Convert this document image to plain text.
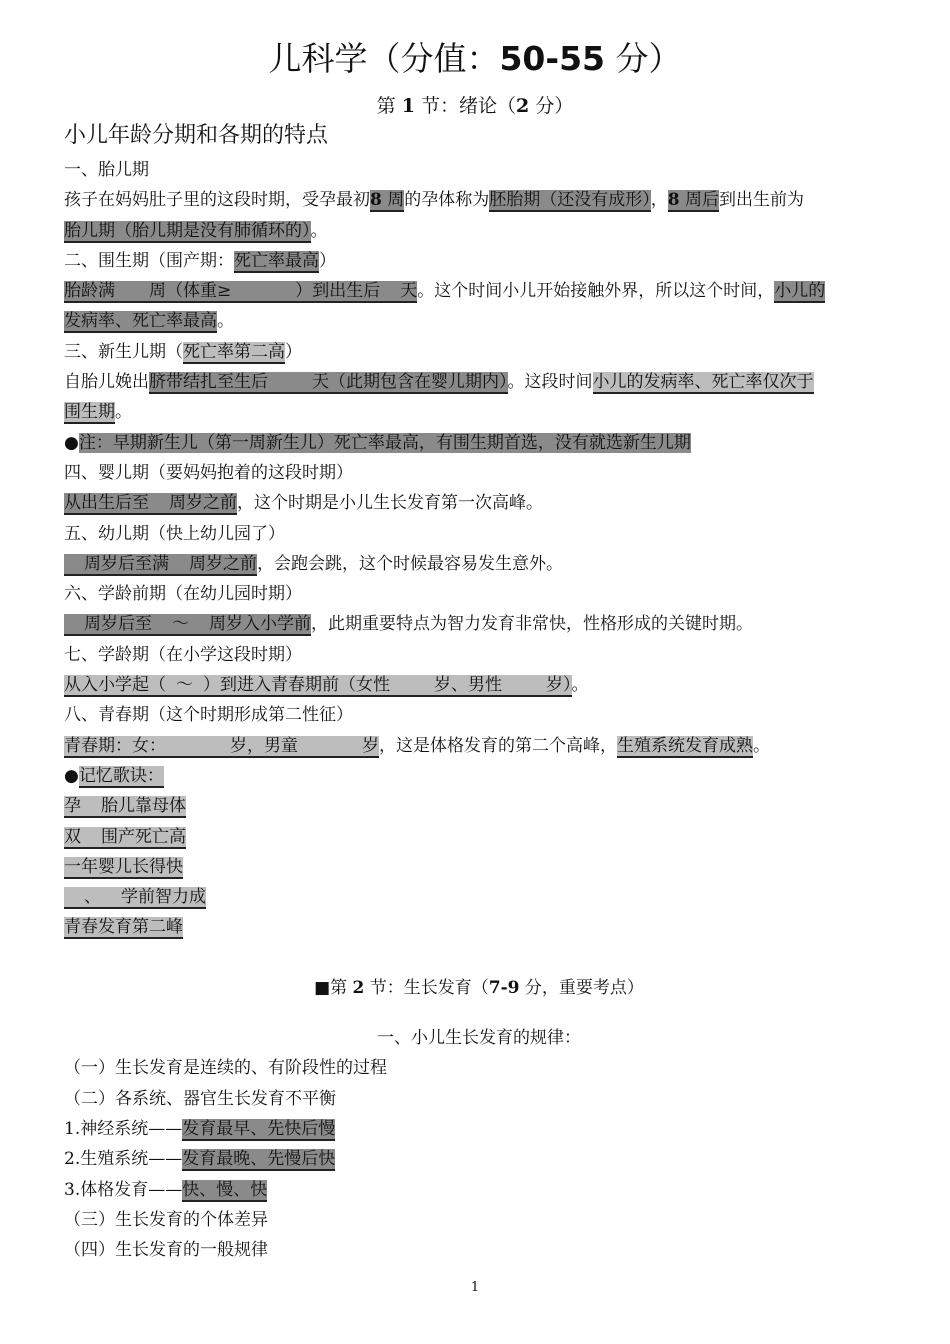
儿科学（分值：50-55 分）
第 1 节：绪论（2 分）
小儿年龄分期和各期的特点
一、胎儿期
孩子在妈妈肚子里的这段时期，受孕最初8 周的孕体称为胚胎期（还没有成形），8 周后到出生前为
胎儿期（胎儿期是没有肺循环的）。
二、围生期（围产期：死亡率最高）
胎龄满 周（体重≥	）到出生后 天。这个时间小儿开始接触外界，所以这个时间，小儿的
发病率、死亡率最高。
三、新生儿期（死亡率第二高）
自胎儿娩出脐带结扎至生后	天（此期包含在婴儿期内）。这段时间小儿的发病率、死亡率仅次于
围生期。
●注：早期新生儿（第一周新生儿）死亡率最高，有围生期首选，没有就选新生儿期
四、婴儿期（要妈妈抱着的这段时期）
从出生后至 周岁之前，这个时期是小儿生长发育第一次高峰。
五、幼儿期（快上幼儿园了）
周岁后至满 周岁之前，会跑会跳，这个时候最容易发生意外。
六、学龄前期（在幼儿园时期）
周岁后至 ～ 周岁入小学前，此期重要特点为智力发育非常快，性格形成的关键时期。
七、学龄期（在小学这段时期）
从入小学起（ ～ ）到进入青春期前（女性	岁、男性	岁）。
八、青春期（这个时期形成第二性征）
青春期：女：	岁，男童	岁，这是体格发育的第二个高峰，生殖系统发育成熟。
●记忆歌诀：
孕 胎儿靠母体
双 围产死亡高
一年婴儿长得快
、 学前智力成
青春发育第二峰
■第 2 节：生长发育（7-9 分，重要考点）
一、小儿生长发育的规律：
（一）生长发育是连续的、有阶段性的过程
（二）各系统、器官生长发育不平衡
1.神经系统——发育最早、先快后慢
2.生殖系统——发育最晚、先慢后快
3.体格发育——快、慢、快
（三）生长发育的个体差异
（四）生长发育的一般规律
1
